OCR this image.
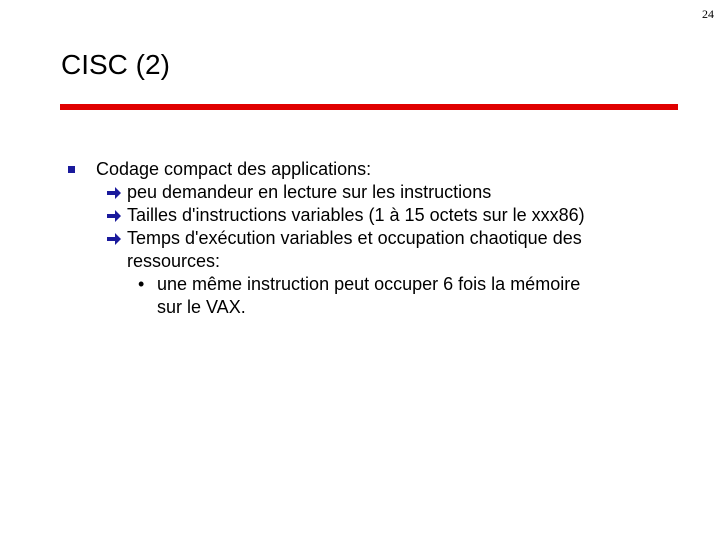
24
CISC (2)

Codage compact des applications:

peu demandeur en lecture sur les instructions

Tailles d'instructions variables (1 à 15 octets sur le xxx86)

Temps d'exécution variables et occupation chaotique des

ressources:

• une même instruction peut occuper 6 fois la mémoire

sur le VAX.
